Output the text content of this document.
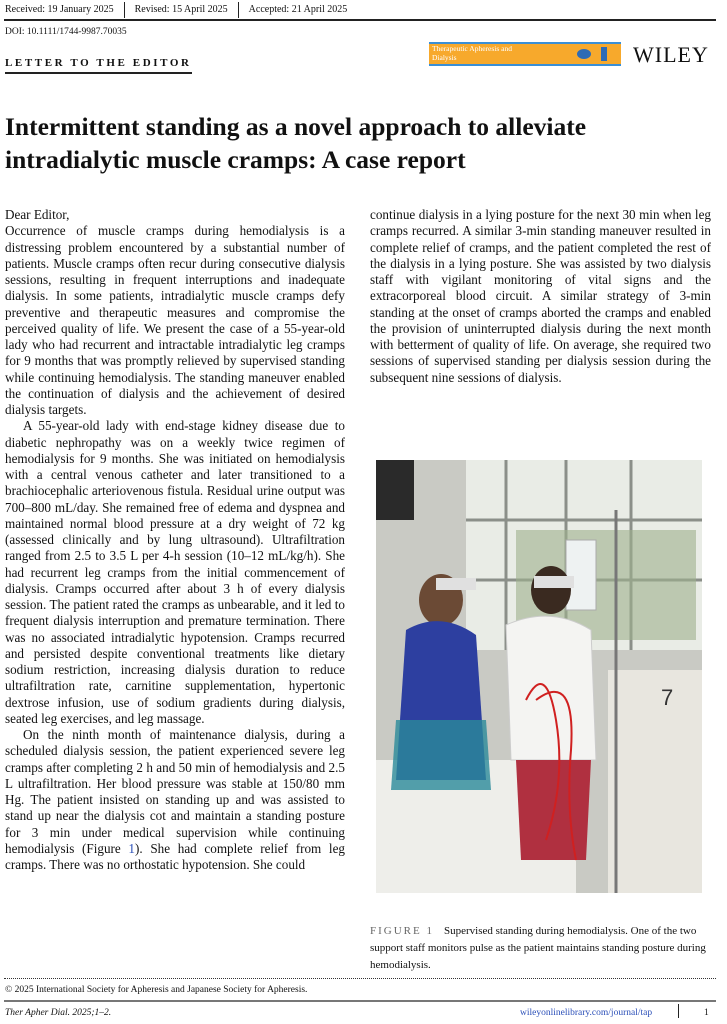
Received: 19 January 2025	Revised: 15 April 2025	Accepted: 21 April 2025
DOI: 10.1111/1744-9987.70035
LETTER TO THE EDITOR
Therapeutic Apheresis and Dialysis	WILEY
Intermittent standing as a novel approach to alleviate intradialytic muscle cramps: A case report

Dear Editor,

Occurrence of muscle cramps during hemodialysis is a distressing problem encountered by a substantial number of patients. Muscle cramps often recur during consecutive dialysis sessions, resulting in frequent interruptions and inadequate dialysis. In some patients, intradialytic muscle cramps defy preventive and therapeutic measures and compromise the perceived quality of life. We present the case of a 55-year-old lady who had recurrent and intractable intradialytic leg cramps for 9 months that was promptly relieved by supervised standing while continuing hemodialysis. The standing maneuver enabled the continuation of dialysis and the achievement of desired dialysis targets.

A 55-year-old lady with end-stage kidney disease due to diabetic nephropathy was on a weekly twice regimen of hemodialysis for 9 months. She was initiated on hemodialysis with a central venous catheter and later transitioned to a brachiocephalic arteriovenous fistula. Residual urine output was 700–800 mL/day. She remained free of edema and dyspnea and maintained normal blood pressure at a dry weight of 72 kg (assessed clinically and by lung ultrasound). Ultrafiltration ranged from 2.5 to 3.5 L per 4-h session (10–12 mL/kg/h). She had recurrent leg cramps from the initial commencement of dialysis. Cramps occurred after about 3 h of every dialysis session. The patient rated the cramps as unbearable, and it led to frequent dialysis interruption and premature termination. There was no associated intradialytic hypotension. Cramps recurred and persisted despite conventional treatments like dietary sodium restriction, increasing dialysis duration to reduce ultrafiltration rate, carnitine supplementation, hypertonic dextrose infusion, use of sodium gradients during dialysis, seated leg exercises, and leg massage.

On the ninth month of maintenance dialysis, during a scheduled dialysis session, the patient experienced severe leg cramps after completing 2 h and 50 min of hemodialysis and 2.5 L ultrafiltration. Her blood pressure was stable at 150/80 mm Hg. The patient insisted on standing up and was assisted to stand up near the dialysis cot and maintain a standing posture for 3 min under medical supervision while continuing hemodialysis (Figure 1). She had complete relief from leg cramps. There was no orthostatic hypotension. She could

continue dialysis in a lying posture for the next 30 min when leg cramps recurred. A similar 3-min standing maneuver resulted in complete relief of cramps, and the patient completed the rest of the dialysis in a lying posture. She was assisted by two dialysis staff with vigilant monitoring of vital signs and the extracorporeal blood circuit. A similar strategy of 3-min standing at the onset of cramps aborted the cramps and enabled the provision of uninterrupted dialysis during the next month with betterment of quality of life. On average, she required two sessions of supervised standing per dialysis session during the subsequent nine sessions of dialysis.

7
FIGURE 1 Supervised standing during hemodialysis. One of the two support staff monitors pulse as the patient maintains standing posture during hemodialysis.
© 2025 International Society for Apheresis and Japanese Society for Apheresis.
Ther Apher Dial. 2025;1–2.	wileyonlinelibrary.com/journal/tap	1
